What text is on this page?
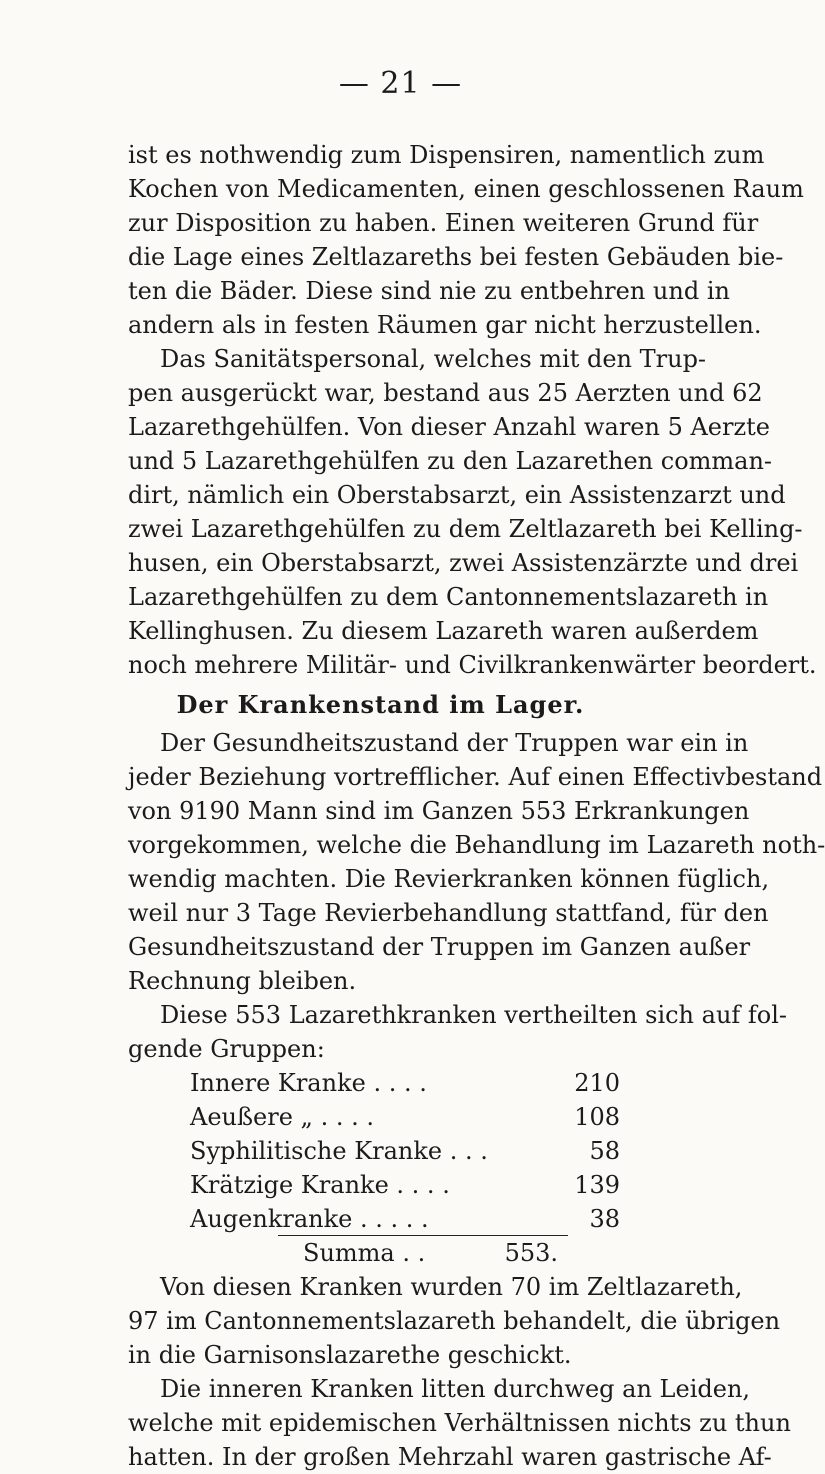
— 21 —
ist es nothwendig zum Dispensiren, namentlich zum
Kochen von Medicamenten, einen geschlossenen Raum
zur Disposition zu haben. Einen weiteren Grund für
die Lage eines Zeltlazareths bei festen Gebäuden bie-
ten die Bäder. Diese sind nie zu entbehren und in
andern als in festen Räumen gar nicht herzustellen.
Das Sanitätspersonal, welches mit den Trup-
pen ausgerückt war, bestand aus 25 Aerzten und 62
Lazarethgehülfen. Von dieser Anzahl waren 5 Aerzte
und 5 Lazarethgehülfen zu den Lazarethen comman-
dirt, nämlich ein Oberstabsarzt, ein Assistenzarzt und
zwei Lazarethgehülfen zu dem Zeltlazareth bei Kelling-
husen, ein Oberstabsarzt, zwei Assistenzärzte und drei
Lazarethgehülfen zu dem Cantonnementslazareth in
Kellinghusen. Zu diesem Lazareth waren außerdem
noch mehrere Militär- und Civilkrankenwärter beordert.
Der Krankenstand im Lager.
Der Gesundheitszustand der Truppen war ein in
jeder Beziehung vortrefflicher. Auf einen Effectivbestand
von 9190 Mann sind im Ganzen 553 Erkrankungen
vorgekommen, welche die Behandlung im Lazareth noth-
wendig machten. Die Revierkranken können füglich,
weil nur 3 Tage Revierbehandlung stattfand, für den
Gesundheitszustand der Truppen im Ganzen außer
Rechnung bleiben.
Diese 553 Lazarethkranken vertheilten sich auf fol-
gende Gruppen:
Innere Kranke . . . .	210
Aeußere „ . . . .	108
Syphilitische Kranke . . .	58
Krätzige Kranke . . . .	139
Augenkranke . . . . .	38
Summa . .	553.
Von diesen Kranken wurden 70 im Zeltlazareth,
97 im Cantonnementslazareth behandelt, die übrigen
in die Garnisonslazarethe geschickt.
Die inneren Kranken litten durchweg an Leiden,
welche mit epidemischen Verhältnissen nichts zu thun
hatten. In der großen Mehrzahl waren gastrische Af-
